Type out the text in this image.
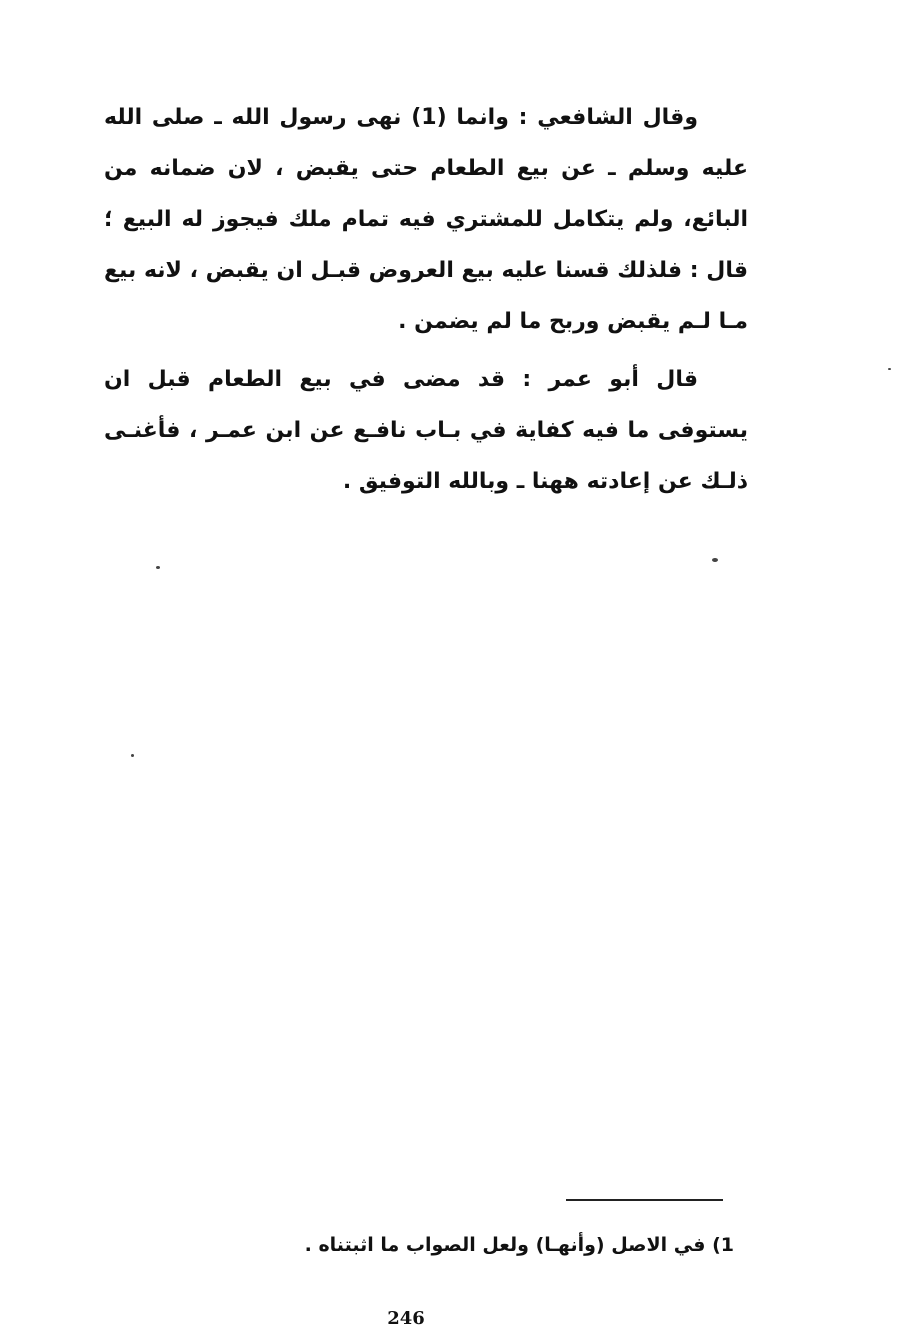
وقال الشافعي : وانما (1) نهى رسول الله ـ صلى الله عليه وسلم ـ عن بيع الطعام حتى يقبض ، لان ضمانه من البائع، ولم يتكامل للمشتري فيه تمام ملك فيجوز له البيع ؛ قال : فلذلك قسنا عليه بيع العروض قبـل ان يقبض ، لانه بيع مـا لـم يقبض وربح ما لم يضمن .

قال أبو عمر : قد مضى في بيع الطعام قبل ان يستوفى ما فيه كفاية في بـاب نافـع عن ابن عمـر ، فأغنـى ذلـك عن إعادته ههنا ـ وبالله التوفيق .

1) في الاصل (وأنهـا) ولعل الصواب ما اثبتناه .

246
